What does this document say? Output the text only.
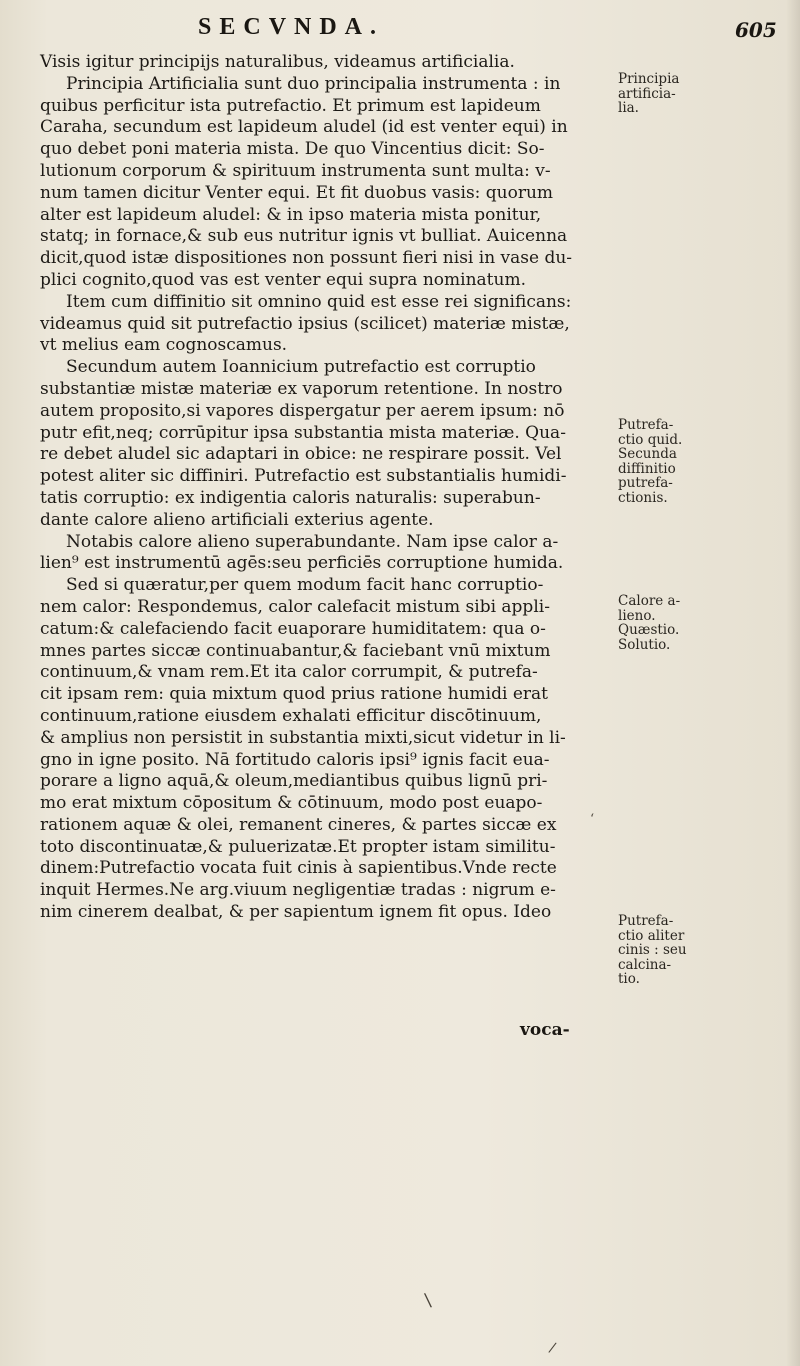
SECVNDA.	605
Visis igitur principijs naturalibus, videamus artificialia.
Principia Artificialia sunt duo principalia instrumenta : in
quibus perficitur ista putrefactio. Et primum est lapideum
Caraha, secundum est lapideum aludel (id est venter equi) in
quo debet poni materia mista. De quo Vincentius dicit: So-
lutionum corporum & spirituum instrumenta sunt multa: v-
num tamen dicitur Venter equi. Et fit duobus vasis: quorum
alter est lapideum aludel: & in ipso materia mista ponitur,
statq; in fornace,& sub eus nutritur ignis vt bulliat. Auicenna
dicit,quod istæ dispositiones non possunt fieri nisi in vase du-
plici cognito,quod vas est venter equi supra nominatum.
Item cum diffinitio sit omnino quid est esse rei significans:
videamus quid sit putrefactio ipsius (scilicet) materiæ mistæ,
vt melius eam cognoscamus.
Secundum autem Ioannicium putrefactio est corruptio
substantiæ mistæ materiæ ex vaporum retentione. In nostro
autem proposito,si vapores dispergatur per aerem ipsum: nō
putr efit,neq; corrūpitur ipsa substantia mista materiæ. Qua-
re debet aludel sic adaptari in obice: ne respirare possit. Vel
potest aliter sic diffiniri. Putrefactio est substantialis humidi-
tatis corruptio: ex indigentia caloris naturalis: superabun-
dante calore alieno artificiali exterius agente.
Notabis calore alieno superabundante. Nam ipse calor a-
lien⁹ est instrumentū agēs:seu perficiēs corruptione humida.
Sed si quæratur,per quem modum facit hanc corruptio-
nem calor: Respondemus, calor calefacit mistum sibi appli-
catum:& calefaciendo facit euaporare humiditatem: qua o-
mnes partes siccæ continuabantur,& faciebant vnū mixtum
continuum,& vnam rem.Et ita calor corrumpit, & putrefa-
cit ipsam rem: quia mixtum quod prius ratione humidi erat
continuum,ratione eiusdem exhalati efficitur discōtinuum,
& amplius non persistit in substantia mixti,sicut videtur in li-
gno in igne posito. Nā fortitudo caloris ipsi⁹ ignis facit eua-
porare a ligno aquā,& oleum,mediantibus quibus lignū pri-
mo erat mixtum cōpositum & cōtinuum, modo post euapo-
rationem aquæ & olei, remanent cineres, & partes siccæ ex
toto discontinuatæ,& puluerizatæ.Et propter istam similitu-
dinem:Putrefactio vocata fuit cinis à sapientibus.Vnde recte
inquit Hermes.Ne arg.viuum negligentiæ tradas : nigrum e-
nim cinerem dealbat, & per sapientum ignem fit opus. Ideo
voca-
Principia
artificia-
lia.
Putrefa-
ctio quid.
Secunda
diffinitio
putrefa-
ctionis.
Calore a-
lieno.
Quæstio.
Solutio.
Putrefa-
ctio aliter
cinis : seu
calcina-
tio.
\
/
‘
